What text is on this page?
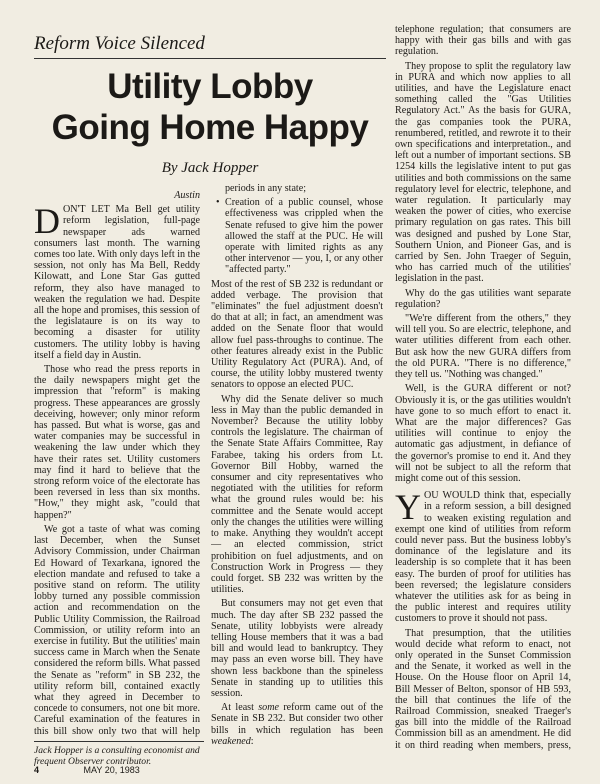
Reform Voice Silenced
Utility Lobby
Going Home Happy
By Jack Hopper
Austin

DON'T LET Ma Bell get utility reform legislation, full-page newspaper ads warned consumers last month. The warning comes too late. With only days left in the session, not only has Ma Bell, Reddy Kilowatt, and Lone Star Gas gutted reform, they also have managed to weaken the regulation we had. Despite all the hope and promises, this session of the legislataure is on its way to becoming a disaster for utility customers. The utility lobby is having itself a field day in Austin.

Those who read the press reports in the daily newspapers might get the impression that "reform" is making progress. These appearances are grossly deceiving, however; only minor reform has passed. But what is worse, gas and water companies may be successful in weakening the law under which they have their rates set. Utility customers may find it hard to believe that the strong reform voice of the electorate has been reversed in less than six months. "How," they might ask, "could that happen?"

We got a taste of what was coming last December, when the Sunset Advisory Commission, under Chairman Ed Howard of Texarkana, ignored the election mandate and refused to take a positive stand on reform. The utility lobby turned any possible commission action and recommendation on the Public Utility Commission, the Railroad Commission, or utility reform into an exercise in futility. But the utilities' main success came in March when the Senate considered the reform bills. What passed the Senate as "reform" in SB 232, the utility reform bill, contained exactly what they agreed in December to concede to consumers, not one bit more. Careful examination of the features in this bill show only two that will help

Jack Hopper is a consulting economist and frequent Observer contributor.
4	MAY 20, 1983

periods in any state;

• Creation of a public counsel, whose effectiveness was crippled when the Senate refused to give him the power allowed the staff at the PUC. He will operate with limited rights as any other intervenor — you, I, or any other "affected party."

Most of the rest of SB 232 is redundant or added verbage. The provision that "eliminates" the fuel adjustment doesn't do that at all; in fact, an amendment was added on the Senate floor that would allow fuel pass-throughs to continue. The other features already exist in the Public Utility Regulatory Act (PURA). And, of course, the utility lobby mustered twenty senators to oppose an elected PUC.

Why did the Senate deliver so much less in May than the public demanded in November? Because the utility lobby controls the legislature. The chairman of the Senate State Affairs Committee, Ray Farabee, taking his orders from Lt. Governor Bill Hobby, warned the consumer and city representatives who negotiated with the utilities for reform what the ground rules would be: his committee and the Senate would accept only the changes the utilities were willing to make. Anything they wouldn't accept — an elected commission, strict prohibition on fuel adjustments, and on Construction Work in Progress — they could forget. SB 232 was written by the utilities.

But consumers may not get even that much. The day after SB 232 passed the Senate, utility lobbyists were already telling House members that it was a bad bill and would lead to bankruptcy. They may pass an even worse bill. They have shown less backbone than the spineless Senate in standing up to utilities this session.

At least some reform came out of the Senate in SB 232. But consider two other bills in which regulation has been weakened:

•

telephone regulation; that consumers are happy with their gas bills and with gas regulation.

They propose to split the regulatory law in PURA and which now applies to all utilities, and have the Legislature enact something called the "Gas Utilities Regulatory Act." As the basis for GURA, the gas companies took the PURA, renumbered, retitled, and rewrote it to their own specifications and interpretation., and left out a number of important sections. SB 1254 kills the legislative intent to put gas utilities and both commissions on the same regulatory level for electric, telephone, and water regulation. It particularly may weaken the power of cities, who exercise primary regulation on gas rates. This bill was designed and pushed by Lone Star, Southern Union, and Pioneer Gas, and is carried by Sen. John Traeger of Seguin, who has carried much of the utilities' legislation in the past.

Why do the gas utilities want separate regulation?

"We're different from the others," they will tell you. So are electric, telephone, and water utilities different from each other. But ask how the new GURA differs from the old PURA. "There is no difference," they tell us. "Nothing was changed."

Well, is the GURA different or not? Obviously it is, or the gas utilities wouldn't have gone to so much effort to enact it. What are the major differences? Gas utilities will continue to enjoy the automatic gas adjustment, in defiance of the governor's promise to end it. And they will not be subject to all the reform that might come out of this session.

YOU WOULD think that, especially in a reform session, a bill designed to weaken existing regulation and exempt one kind of utilities from reform could never pass. But the business lobby's dominance of the legislature and its leadership is so complete that it has been easy. The burden of proof for utilities has been reversed; the legislature considers whatever the utilities ask for as being in the public interest and requires utility customers to prove it should not pass.

That presumption, that the utilities would decide what reform to enact, not only operated in the Sunset Commission and the Senate, it worked as well in the House. On the House floor on April 14, Bill Messer of Belton, sponsor of HB 593, the bill that continues the life of the Railroad Commission, sneaked Traeger's gas bill into the middle of the Railroad Commission bill as an amendment. He did it on third reading when members, press,
